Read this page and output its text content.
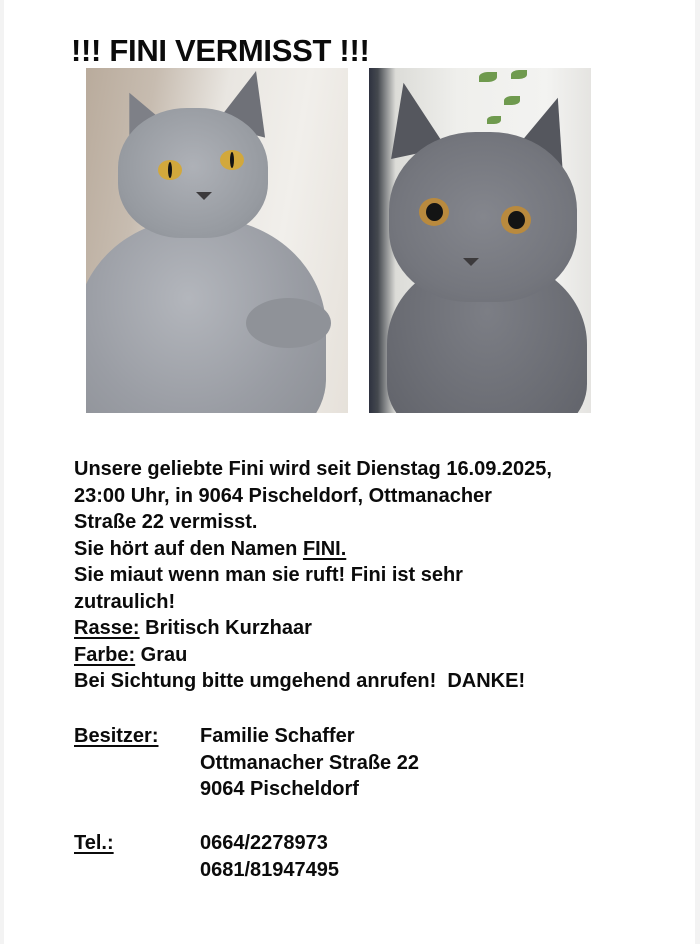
!!! FINI VERMISST !!!

Unsere geliebte Fini wird seit Dienstag 16.09.2025,

23:00 Uhr, in 9064 Pischeldorf, Ottmanacher

Straße 22 vermisst.

Sie hört auf den Namen FINI.

Sie miaut wenn man sie ruft! Fini ist sehr

zutraulich!

Rasse: Britisch Kurzhaar

Farbe: Grau

Bei Sichtung bitte umgehend anrufen!  DANKE!

Besitzer: Familie Schaffer
Ottmanacher Straße 22
9064 Pischeldorf
Tel.:	0664/2278973
0681/81947495
